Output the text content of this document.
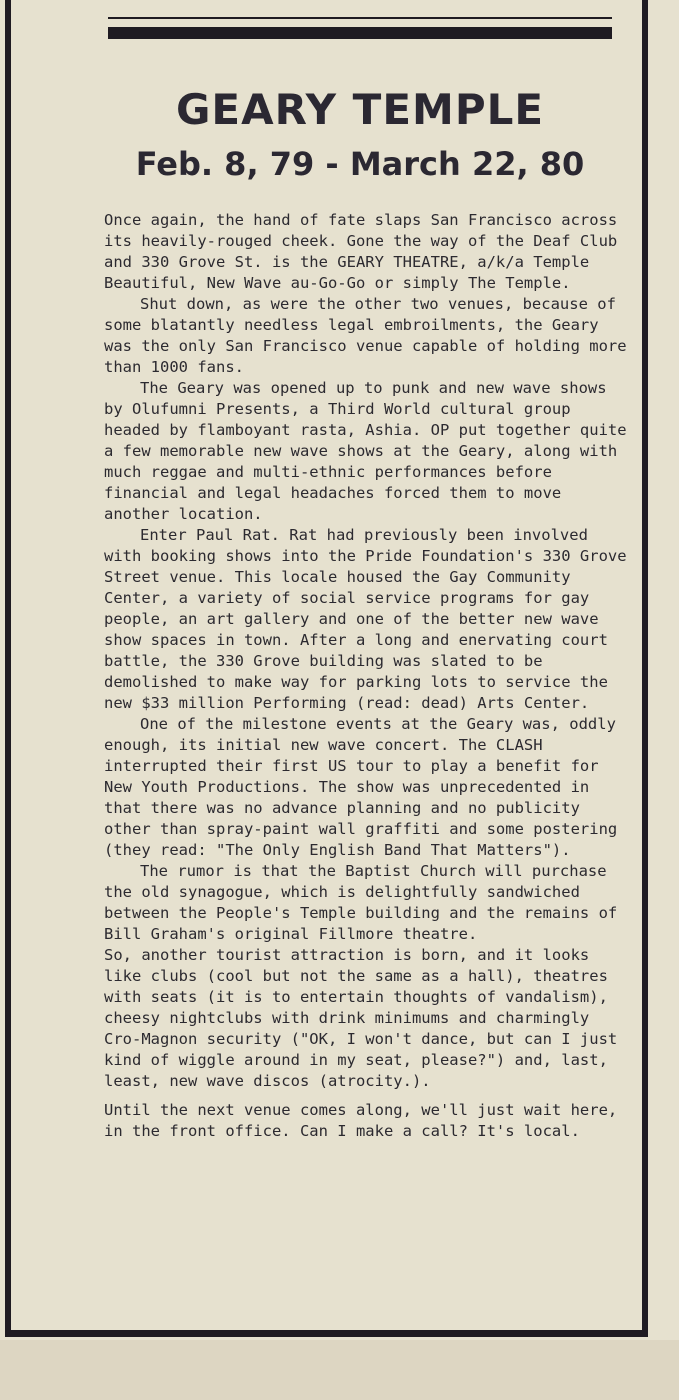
GEARY TEMPLE
Feb. 8, 79 - March 22, 80

Once again, the hand of fate slaps San Francisco across its heavily-rouged cheek. Gone the way of the Deaf Club and 330 Grove St. is the GEARY THEATRE, a/k/a Temple Beautiful, New Wave au-Go-Go or simply The Temple.

Shut down, as were the other two venues, because of some blatantly needless legal embroilments, the Geary was the only San Francisco venue capable of holding more than 1000 fans.

The Geary was opened up to punk and new wave shows by Olufumni Presents, a Third World cultural group headed by flamboyant rasta, Ashia. OP put together quite a few memorable new wave shows at the Geary, along with much reggae and multi-ethnic performances before financial and legal headaches forced them to move another location.

Enter Paul Rat. Rat had previously been involved with booking shows into the Pride Foundation's 330 Grove Street venue. This locale housed the Gay Community Center, a variety of social service programs for gay people, an art gallery and one of the better new wave show spaces in town. After a long and enervating court battle, the 330 Grove building was slated to be demolished to make way for parking lots to service the new $33 million Performing (read: dead) Arts Center.

One of the milestone events at the Geary was, oddly enough, its initial new wave concert. The CLASH interrupted their first US tour to play a benefit for New Youth Productions. The show was unprecedented in that there was no advance planning and no publicity other than spray-paint wall graffiti and some postering (they read: "The Only English Band That Matters").

The rumor is that the Baptist Church will purchase the old synagogue, which is delightfully sandwiched between the People's Temple building and the remains of Bill Graham's original Fillmore theatre.

So, another tourist attraction is born, and it looks like clubs (cool but not the same as a hall), theatres with seats (it is to entertain thoughts of vandalism), cheesy nightclubs with drink minimums and charmingly Cro-Magnon security ("OK, I won't dance, but can I just kind of wiggle around in my seat, please?") and, last, least, new wave discos (atrocity.).

Until the next venue comes along, we'll just wait here, in the front office. Can I make a call? It's local.
